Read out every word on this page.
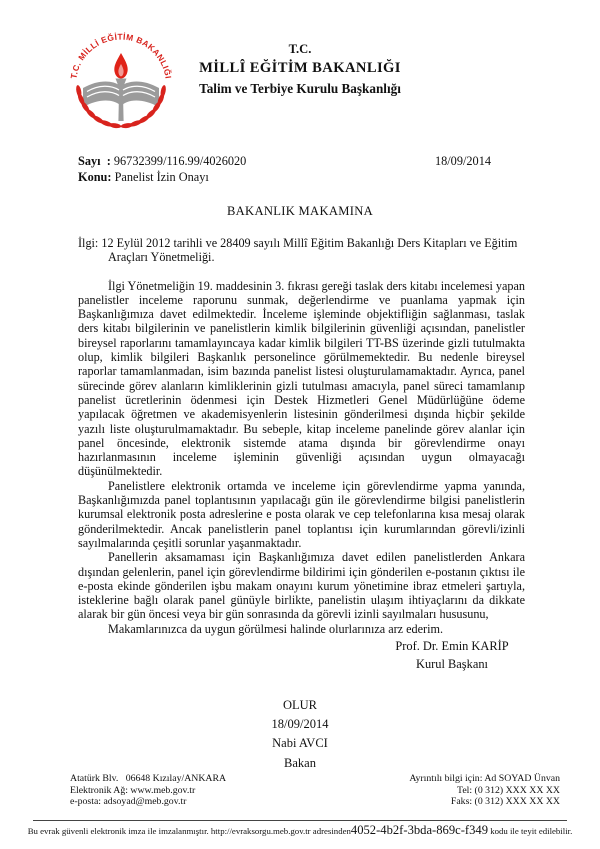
T.C. MİLLİ EĞİTİM BAKANLIĞI
T.C.
MİLLÎ EĞİTİM BAKANLIĞI
Talim ve Terbiye Kurulu Başkanlığı
Sayı  : 96732399/116.99/4026020	18/09/2014
Konu: Panelist İzin Onayı
BAKANLIK MAKAMINA
İlgi: 12 Eylül 2012 tarihli ve 28409 sayılı Millî Eğitim Bakanlığı Ders Kitapları ve Eğitim Araçları Yönetmeliği.

İlgi Yönetmeliğin 19. maddesinin 3. fıkrası gereği taslak ders kitabı incelemesi yapan panelistler inceleme raporunu sunmak, değerlendirme ve puanlama yapmak için Başkanlığımıza davet edilmektedir. İnceleme işleminde objektifliğin sağlanması, taslak ders kitabı bilgilerinin ve panelistlerin kimlik bilgilerinin güvenliği açısından, panelistler bireysel raporlarını tamamlayıncaya kadar kimlik bilgileri TT-BS üzerinde gizli tutulmakta olup, kimlik bilgileri Başkanlık personelince görülmemektedir. Bu nedenle bireysel raporlar tamamlanmadan, isim bazında panelist listesi oluşturulamamaktadır. Ayrıca, panel sürecinde görev alanların kimliklerinin gizli tutulması amacıyla, panel süreci tamamlanıp panelist ücretlerinin ödenmesi için Destek Hizmetleri Genel Müdürlüğüne ödeme yapılacak öğretmen ve akademisyenlerin listesinin gönderilmesi dışında hiçbir şekilde yazılı liste oluşturulmamaktadır. Bu sebeple, kitap inceleme panelinde görev alanlar için panel öncesinde, elektronik sistemde atama dışında bir görevlendirme onayı hazırlanmasının inceleme işleminin güvenliği açısından uygun olmayacağı düşünülmektedir.

Panelistlere elektronik ortamda ve inceleme için görevlendirme yapma yanında, Başkanlığımızda panel toplantısının yapılacağı gün ile görevlendirme bilgisi panelistlerin kurumsal elektronik posta adreslerine e posta olarak ve cep telefonlarına kısa mesaj olarak gönderilmektedir. Ancak panelistlerin panel toplantısı için kurumlarından görevli/izinli sayılmalarında çeşitli sorunlar yaşanmaktadır.

Panellerin aksamaması için Başkanlığımıza davet edilen panelistlerden Ankara dışından gelenlerin, panel için görevlendirme bildirimi için gönderilen e-postanın çıktısı ile e-posta ekinde gönderilen işbu makam onayını kurum yönetimine ibraz etmeleri şartıyla, isteklerine bağlı olarak panel günüyle birlikte, panelistin ulaşım ihtiyaçlarını da dikkate alarak bir gün öncesi veya bir gün sonrasında da görevli izinli sayılmaları hususunu,

Makamlarınızca da uygun görülmesi halinde olurlarınıza arz ederim.

Prof. Dr. Emin KARİP
Kurul Başkanı
OLUR
18/09/2014
Nabi AVCI
Bakan
Atatürk Blv.   06648 Kızılay/ANKARA
Elektronik Ağ: www.meb.gov.tr
e-posta: adsoyad@meb.gov.tr
Ayrıntılı bilgi için: Ad SOYAD Ünvan
Tel: (0 312) XXX XX XX
Faks: (0 312) XXX XX XX
Bu evrak güvenli elektronik imza ile imzalanmıştır. http://evraksorgu.meb.gov.tr adresinden4052-4b2f-3bda-869c-f349 kodu ile teyit edilebilir.
